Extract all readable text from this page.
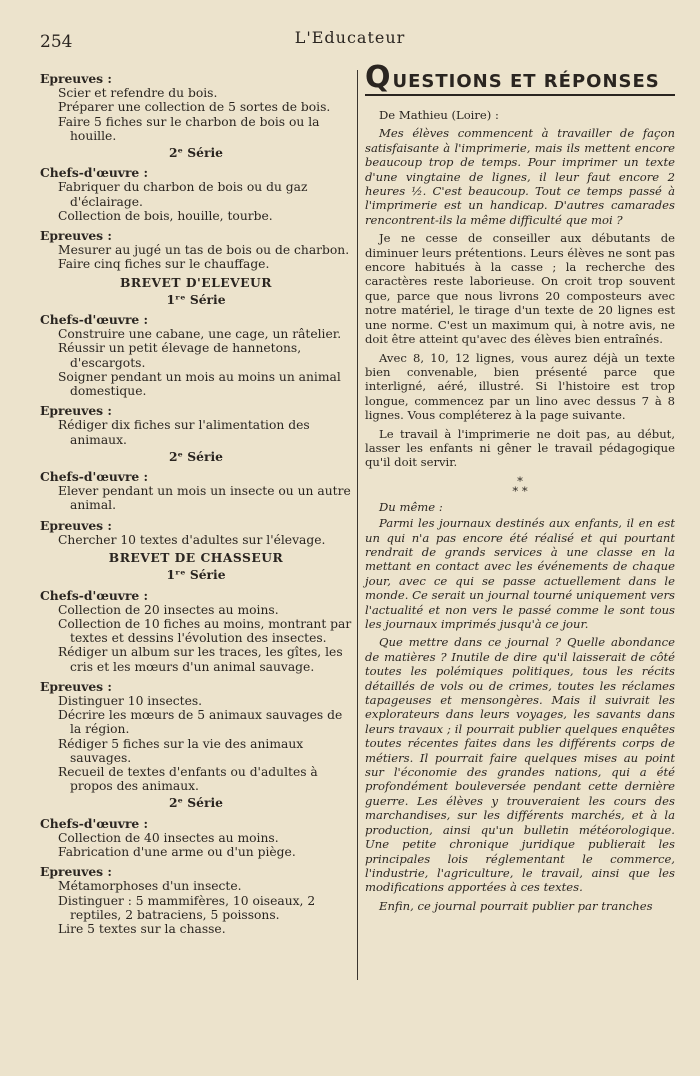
254	L'Educateur
Epreuves :
Scier et refendre du bois.
Préparer une collection de 5 sortes de bois.
Faire 5 fiches sur le charbon de bois ou la houille.
2ᵉ Série
Chefs-d'œuvre :
Fabriquer du charbon de bois ou du gaz d'éclairage.
Collection de bois, houille, tourbe.
Epreuves :
Mesurer au jugé un tas de bois ou de charbon.
Faire cinq fiches sur le chauffage.
BREVET D'ELEVEUR
1ʳᵉ Série
Chefs-d'œuvre :
Construire une cabane, une cage, un râtelier.
Réussir un petit élevage de hannetons, d'escargots.
Soigner pendant un mois au moins un animal domestique.
Epreuves :
Rédiger dix fiches sur l'alimentation des animaux.
2ᵉ Série
Chefs-d'œuvre :
Elever pendant un mois un insecte ou un autre animal.
Epreuves :
Chercher 10 textes d'adultes sur l'élevage.
BREVET DE CHASSEUR
1ʳᵉ Série
Chefs-d'œuvre :
Collection de 20 insectes au moins.
Collection de 10 fiches au moins, montrant par textes et dessins l'évolution des insectes.
Rédiger un album sur les traces, les gîtes, les cris et les mœurs d'un animal sauvage.
Epreuves :
Distinguer 10 insectes.
Décrire les mœurs de 5 animaux sauvages de la région.
Rédiger 5 fiches sur la vie des animaux sauvages.
Recueil de textes d'enfants ou d'adultes à propos des animaux.
2ᵉ Série
Chefs-d'œuvre :
Collection de 40 insectes au moins.
Fabrication d'une arme ou d'un piège.
Epreuves :
Métamorphoses d'un insecte.
Distinguer : 5 mammifères, 10 oiseaux, 2 reptiles, 2 batraciens, 5 poissons.
Lire 5 textes sur la chasse.
Q UESTIONS ET RÉPONSES
De Mathieu (Loire) :

Mes élèves commencent à travailler de façon satisfaisante à l'imprimerie, mais ils mettent encore beaucoup trop de temps. Pour imprimer un texte d'une vingtaine de lignes, il leur faut encore 2 heures ½. C'est beaucoup. Tout ce temps passé à l'imprimerie est un handicap. D'autres camarades rencontrent-ils la même difficulté que moi ?

Je ne cesse de conseiller aux débutants de diminuer leurs prétentions. Leurs élèves ne sont pas encore habitués à la casse ; la recherche des caractères reste laborieuse. On croit trop souvent que, parce que nous livrons 20 composteurs avec notre matériel, le tirage d'un texte de 20 lignes est une norme. C'est un maximum qui, à notre avis, ne doit être atteint qu'avec des élèves bien entraînés.

Avec 8, 10, 12 lignes, vous aurez déjà un texte bien convenable, bien présenté parce que interligné, aéré, illustré. Si l'histoire est trop longue, commencez par un lino avec dessus 7 à 8 lignes. Vous compléterez à la page suivante.

Le travail à l'imprimerie ne doit pas, au début, lasser les enfants ni gêner le travail pédagogique qu'il doit servir.

*
* *
Du même :

Parmi les journaux destinés aux enfants, il en est un qui n'a pas encore été réalisé et qui pourtant rendrait de grands services à une classe en la mettant en contact avec les événements de chaque jour, avec ce qui se passe actuellement dans le monde. Ce serait un journal tourné uniquement vers l'actualité et non vers le passé comme le sont tous les journaux imprimés jusqu'à ce jour.

Que mettre dans ce journal ? Quelle abondance de matières ? Inutile de dire qu'il laisserait de côté toutes les polémiques politiques, tous les récits détaillés de vols ou de crimes, toutes les réclames tapageuses et mensongères. Mais il suivrait les explorateurs dans leurs voyages, les savants dans leurs travaux ; il pourrait publier quelques enquêtes toutes récentes faites dans les différents corps de métiers. Il pourrait faire quelques mises au point sur l'économie des grandes nations, qui a été profondément bouleversée pendant cette dernière guerre. Les élèves y trouveraient les cours des marchandises, sur les différents marchés, et à la production, ainsi qu'un bulletin météorologique. Une petite chronique juridique publierait les principales lois réglementant le commerce, l'industrie, l'agriculture, le travail, ainsi que les modifications apportées à ces textes.

Enfin, ce journal pourrait publier par tranches
